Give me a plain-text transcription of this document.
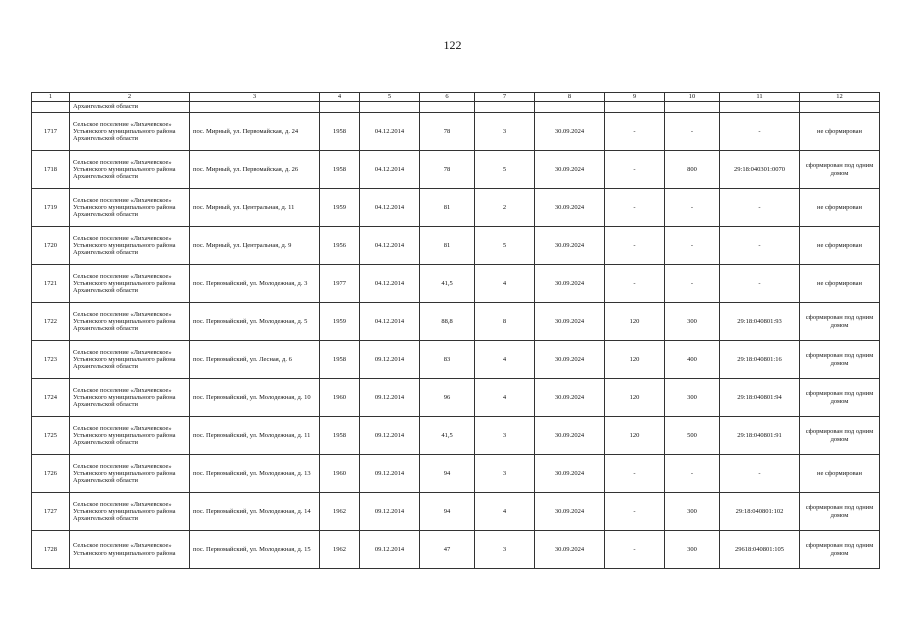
122
1	2	3	4	5	6	7	8	9	10	11	12
	Архангельской области										
1717	Сельское поселение «Лихачевское» Устьянского муниципального района Архангельской области	пос. Мирный, ул. Первомайская, д. 24	1958	04.12.2014	78	3	30.09.2024	-	-	-	не сформирован
1718	Сельское поселение «Лихачевское» Устьянского муниципального района Архангельской области	пос. Мирный, ул. Первомайская, д. 26	1958	04.12.2014	78	5	30.09.2024	-	800	29:18:040301:0070	сформирован под одним домом
1719	Сельское поселение «Лихачевское» Устьянского муниципального района Архангельской области	пос. Мирный, ул. Центральная, д. 11	1959	04.12.2014	81	2	30.09.2024	-	-	-	не сформирован
1720	Сельское поселение «Лихачевское» Устьянского муниципального района Архангельской области	пос. Мирный, ул. Центральная, д. 9	1956	04.12.2014	81	5	30.09.2024	-	-	-	не сформирован
1721	Сельское поселение «Лихачевское» Устьянского муниципального района Архангельской области	пос. Первомайский, ул. Молодежная, д. 3	1977	04.12.2014	41,5	4	30.09.2024	-	-	-	не сформирован
1722	Сельское поселение «Лихачевское» Устьянского муниципального района Архангельской области	пос. Первомайский, ул. Молодежная, д. 5	1959	04.12.2014	88,8	8	30.09.2024	120	300	29:18:040801:93	сформирован под одним домом
1723	Сельское поселение «Лихачевское» Устьянского муниципального района Архангельской области	пос. Первомайский, ул. Лесная, д. 6	1958	09.12.2014	83	4	30.09.2024	120	400	29:18:040801:16	сформирован под одним домом
1724	Сельское поселение «Лихачевское» Устьянского муниципального района Архангельской области	пос. Первомайский, ул. Молодежная, д. 10	1960	09.12.2014	96	4	30.09.2024	120	300	29:18:040801:94	сформирован под одним домом
1725	Сельское поселение «Лихачевское» Устьянского муниципального района Архангельской области	пос. Первомайский, ул. Молодежная, д. 11	1958	09.12.2014	41,5	3	30.09.2024	120	500	29:18:040801:91	сформирован под одним домом
1726	Сельское поселение «Лихачевское» Устьянского муниципального района Архангельской области	пос. Первомайский, ул. Молодежная, д. 13	1960	09.12.2014	94	3	30.09.2024	-	-	-	не сформирован
1727	Сельское поселение «Лихачевское» Устьянского муниципального района Архангельской области	пос. Первомайский, ул. Молодежная, д. 14	1962	09.12.2014	94	4	30.09.2024	-	300	29:18:040801:102	сформирован под одним домом
1728	Сельское поселение «Лихачевское» Устьянского муниципального района	пос. Первомайский, ул. Молодежная, д. 15	1962	09.12.2014	47	3	30.09.2024	-	300	29618:040801:105	сформирован под одним домом
